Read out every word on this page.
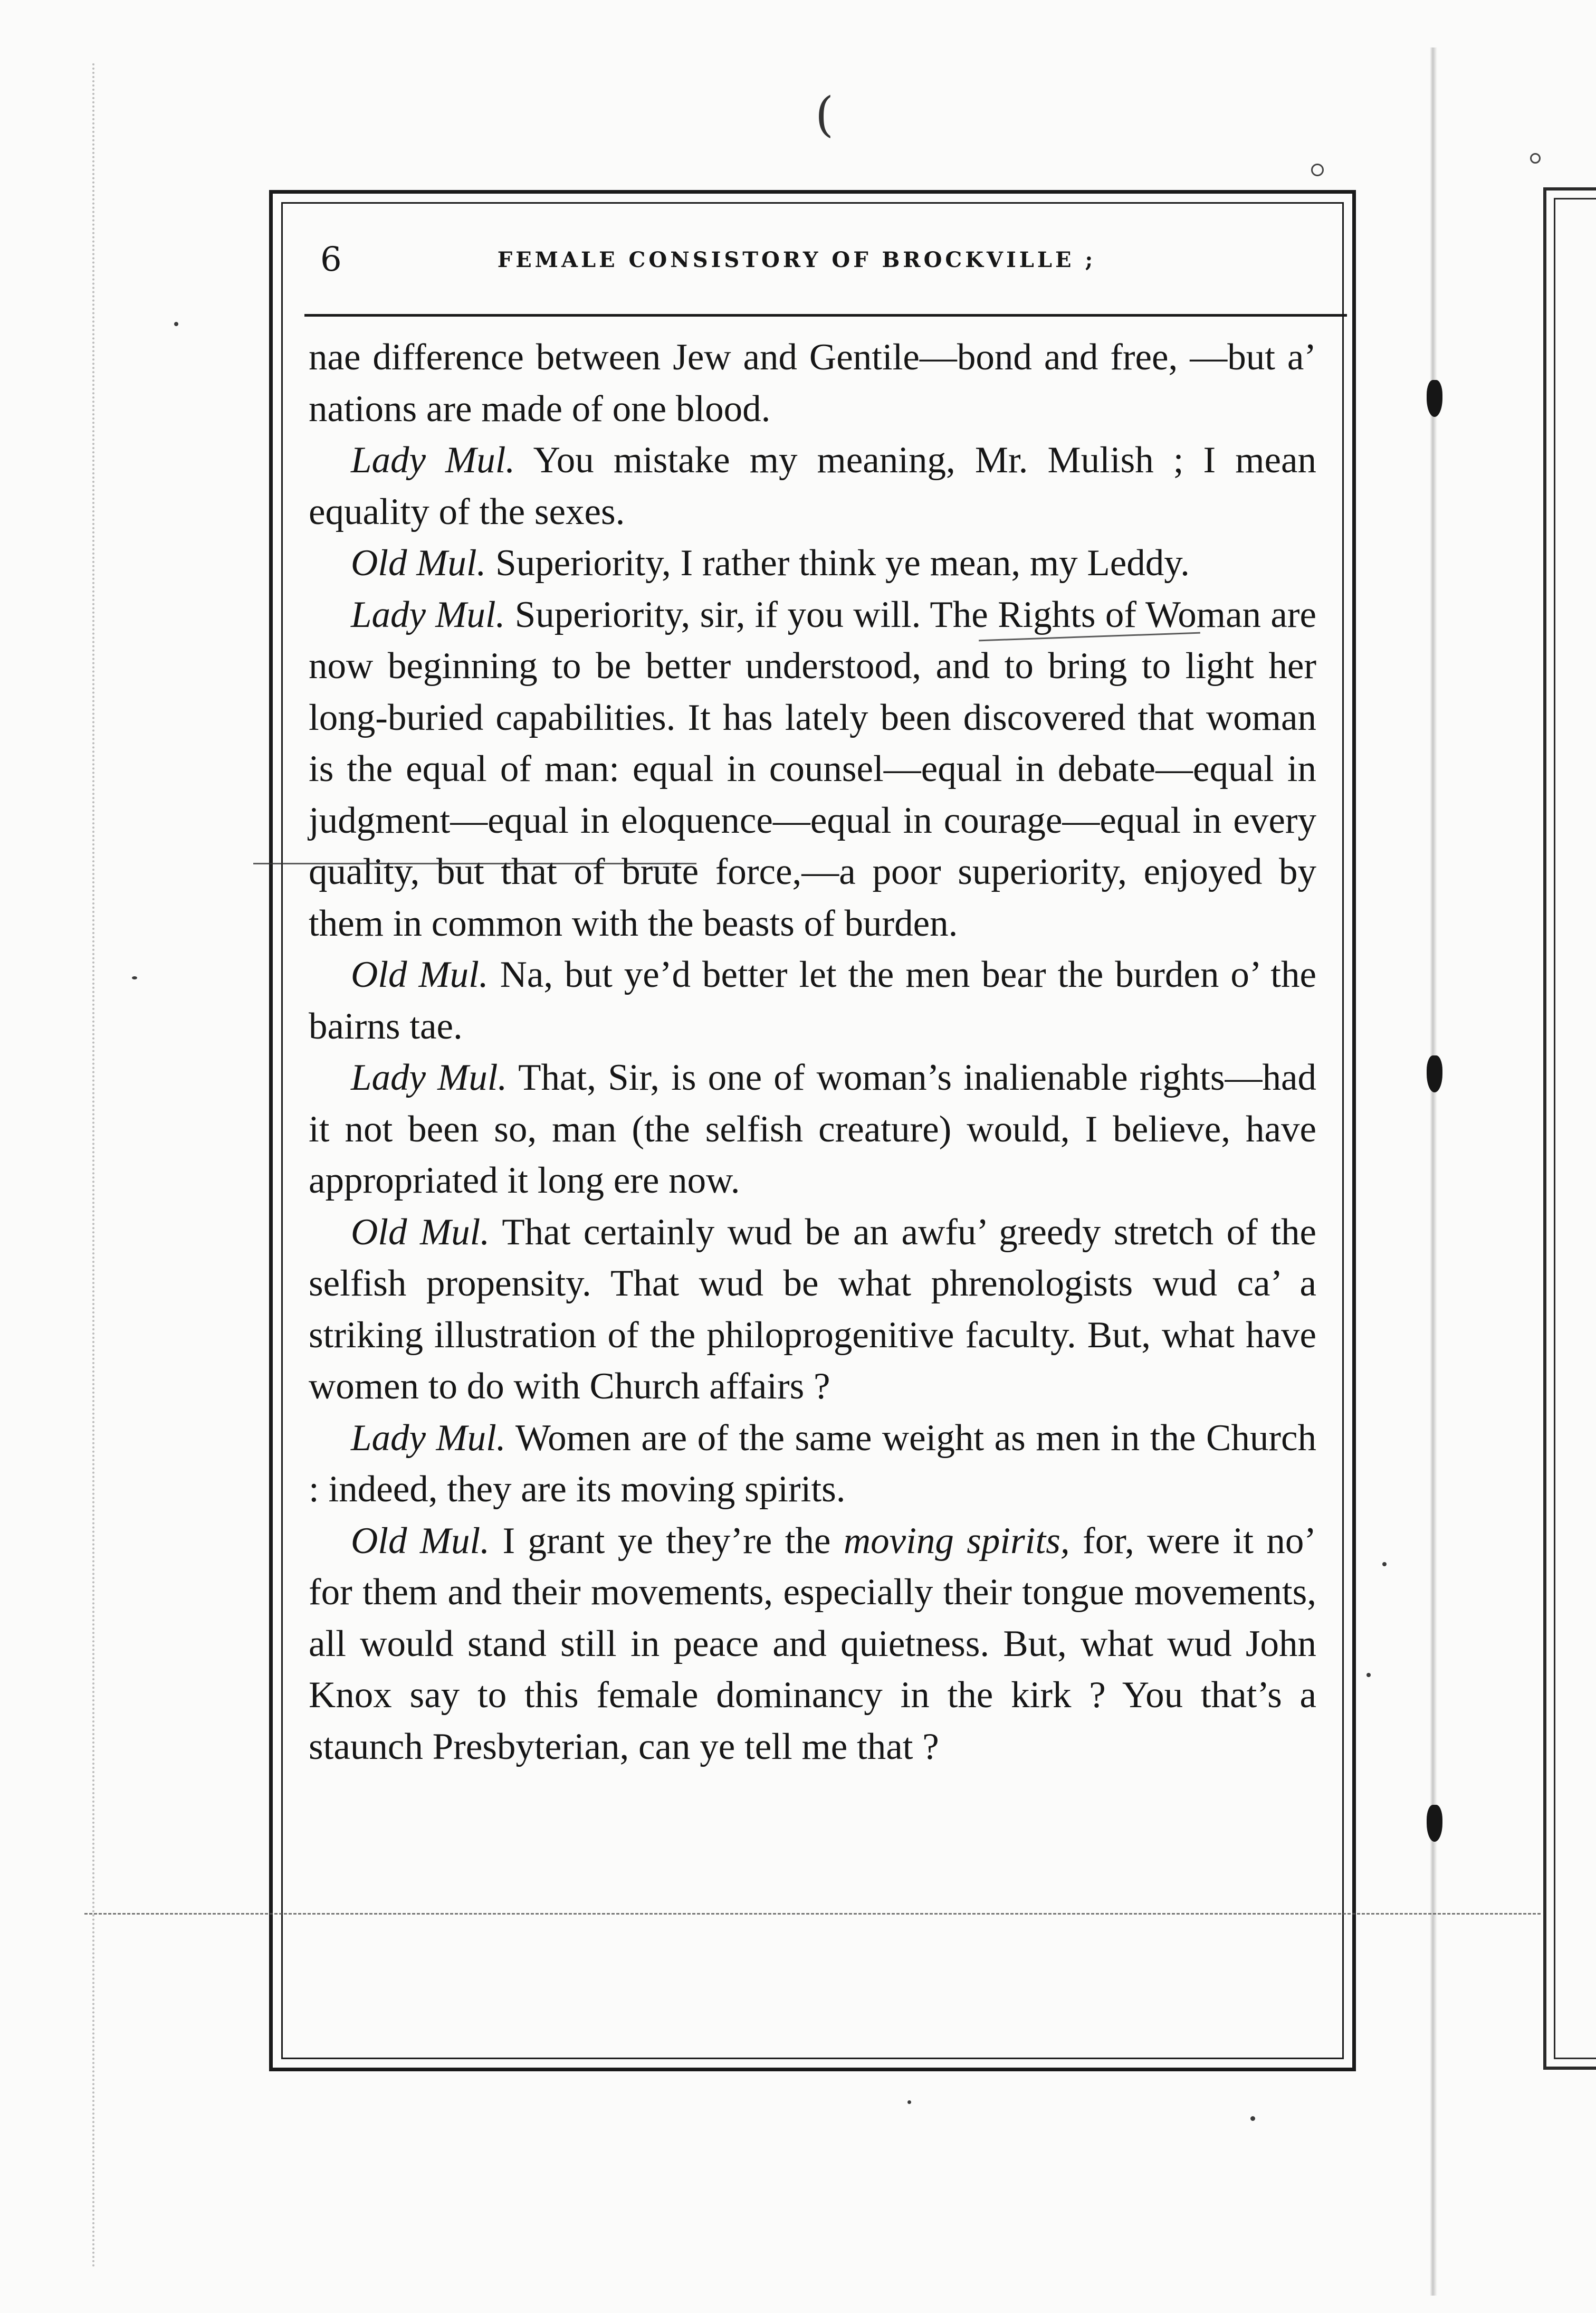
(
6	FEMALE CONSISTORY OF BROCKVILLE ;

nae difference between Jew and Gentile—bond and free, —but a’ nations are made of one blood.

Lady Mul. You mistake my meaning, Mr. Mulish ; I mean equality of the sexes.

Old Mul. Superiority, I rather think ye mean, my Leddy.

Lady Mul. Superiority, sir, if you will. The Rights of Woman are now beginning to be better understood, and to bring to light her long-buried capabilities. It has lately been discovered that woman is the equal of man: equal in counsel—equal in debate—equal in judgment—equal in eloquence—equal in courage—equal in every quality, but that of brute force,—a poor superiority, enjoyed by them in common with the beasts of burden.

Old Mul. Na, but ye’d better let the men bear the burden o’ the bairns tae.

Lady Mul. That, Sir, is one of woman’s inalienable rights—had it not been so, man (the selfish creature) would, I believe, have appropriated it long ere now.

Old Mul. That certainly wud be an awfu’ greedy stretch of the selfish propensity. That wud be what phrenologists wud ca’ a striking illustration of the philoprogenitive faculty. But, what have women to do with Church affairs ?

Lady Mul. Women are of the same weight as men in the Church : indeed, they are its moving spirits.

Old Mul. I grant ye they’re the moving spirits, for, were it no’ for them and their movements, especially their tongue movements, all would stand still in peace and quietness. But, what wud John Knox say to this female dominancy in the kirk ? You that’s a staunch Presbyterian, can ye tell me that ?
